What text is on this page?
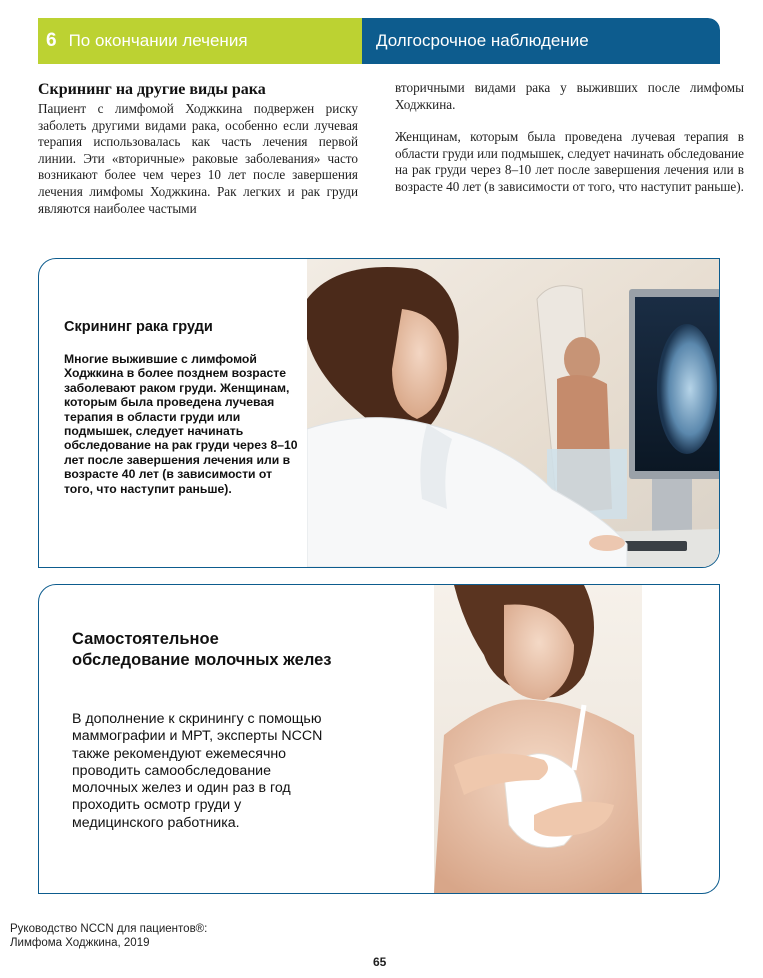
6 По окончании лечения	Долгосрочное наблюдение
Скрининг на другие виды рака
Пациент с лимфомой Ходжкина подвержен риску заболеть другими видами рака, особенно если лучевая терапия использовалась как часть лечения первой линии. Эти «вторичные» раковые заболевания» часто возникают более чем через 10 лет после завершения лечения лимфомы Ходжкина. Рак легких и рак груди являются наиболее частыми
вторичными видами рака у выживших после лимфомы Ходжкина.
Женщинам, которым была проведена лучевая терапия в области груди или подмышек, следует начинать обследование на рак груди через 8–10 лет после завершения лечения или в возрасте 40 лет (в зависимости от того, что наступит раньше).
Скрининг рака груди
Многие выжившие с лимфомой Ходжкина в более позднем возрасте заболевают раком груди. Женщинам, которым была проведена лучевая терапия в области груди или подмышек, следует начинать обследование на рак груди через 8–10 лет после завершения лечения или в возрасте 40 лет (в зависимости от того, что наступит раньше).
Самостоятельное обследование молочных желез
В дополнение к скринингу с помощью маммографии и МРТ, эксперты NCCN также рекомендуют ежемесячно проводить самообследование молочных желез и один раз в год проходить осмотр груди у медицинского работника.
Руководство NCCN для пациентов®:
Лимфома Ходжкина, 2019
65
